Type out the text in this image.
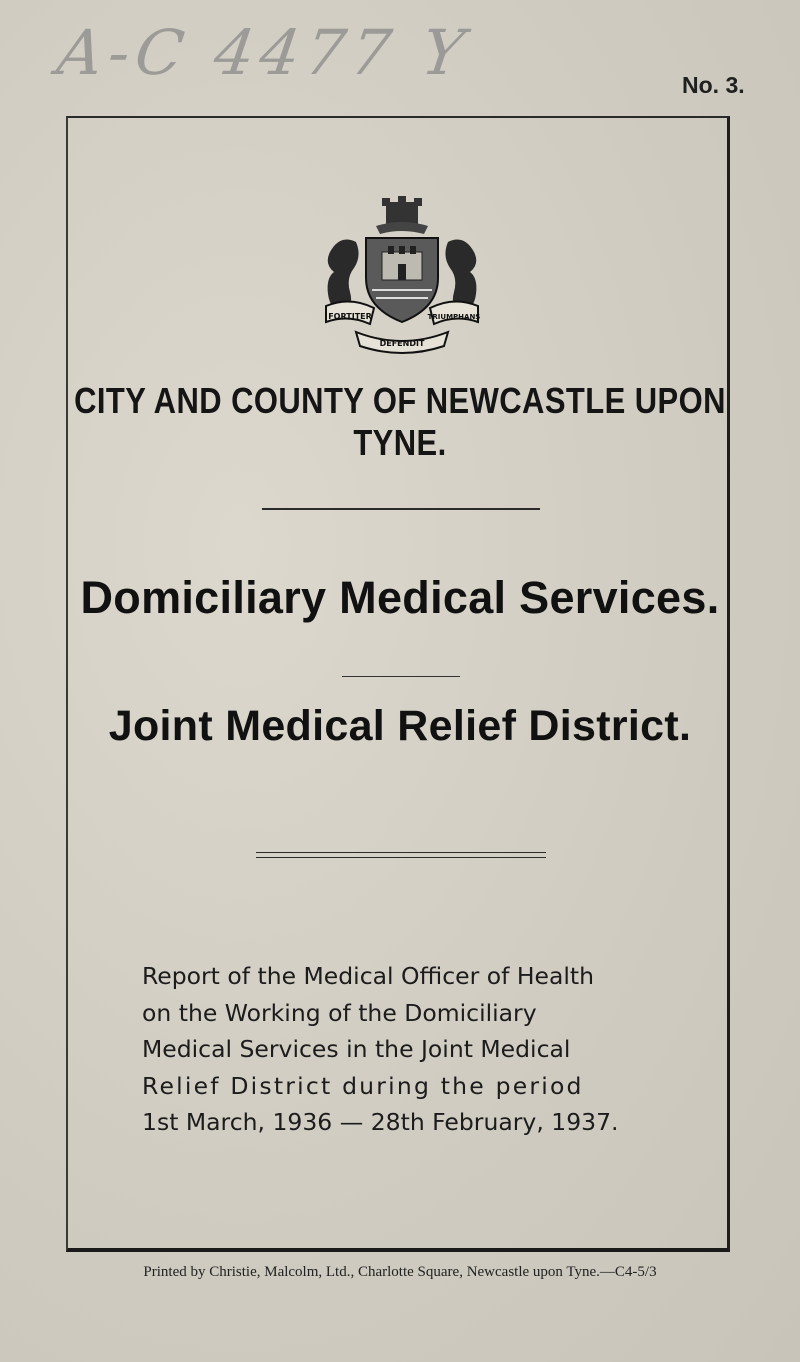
A-C 4477 Y	No. 3.
FORTITER	TRIUMPHANS
DEFENDIT
CITY AND COUNTY OF NEWCASTLE UPON TYNE.
Domiciliary Medical Services.
Joint Medical Relief District.
Report of the Medical Officer of Health
on the Working of the Domiciliary
Medical Services in the Joint Medical
Relief District during the period
1st March, 1936 — 28th February, 1937.
Printed by Christie, Malcolm, Ltd., Charlotte Square, Newcastle upon Tyne.—C4-5/3
